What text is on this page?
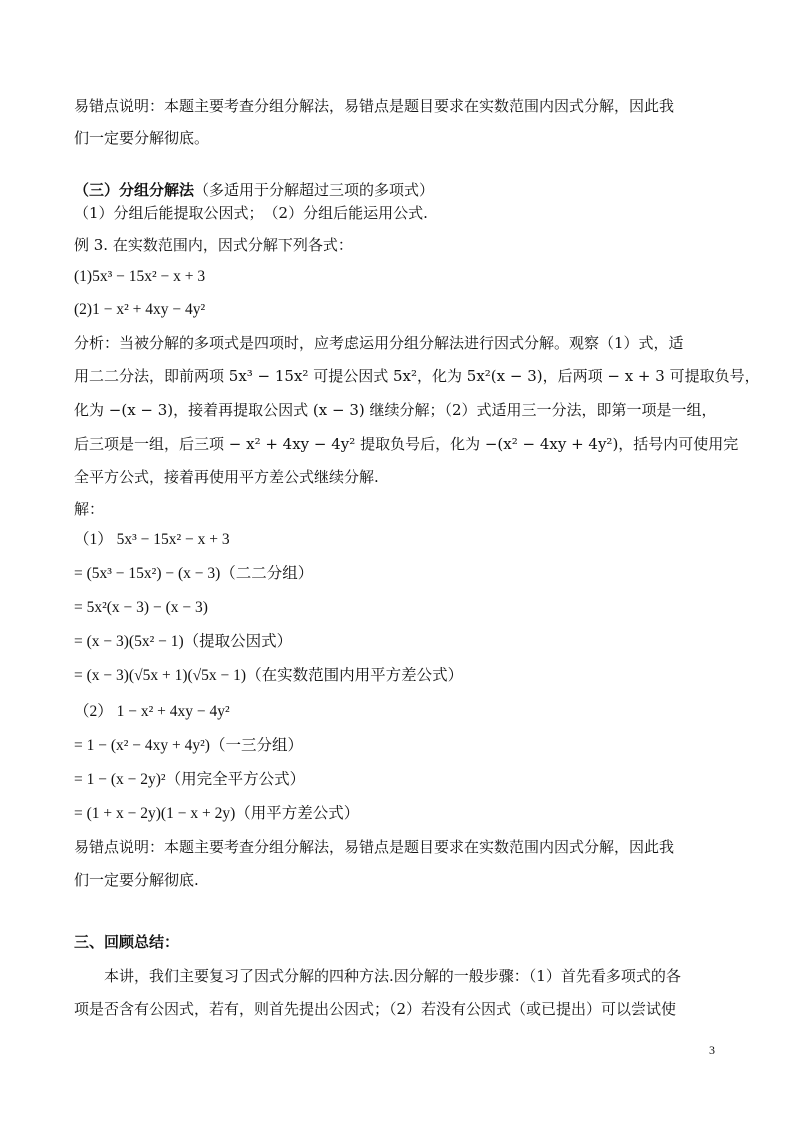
易错点说明：本题主要考查分组分解法，易错点是题目要求在实数范围内因式分解，因此我
们一定要分解彻底。
（三）分组分解法（多适用于分解超过三项的多项式）
（1）分组后能提取公因式；　（2）分组后能运用公式.
例 3. 在实数范围内，因式分解下列各式：
(1)5x³ − 15x² − x + 3
(2)1 − x² + 4xy − 4y²
分析：当被分解的多项式是四项时，应考虑运用分组分解法进行因式分解。观察（1）式，适
用二二分法，即前两项 5x³ − 15x² 可提公因式 5x²，化为 5x²(x − 3)，后两项 − x + 3 可提取负号，
化为 −(x − 3)，接着再提取公因式 (x − 3) 继续分解；（2）式适用三一分法，即第一项是一组，
后三项是一组，后三项 − x² + 4xy − 4y² 提取负号后，化为 −(x² − 4xy + 4y²)，括号内可使用完
全平方公式，接着再使用平方差公式继续分解.
解：
（1） 5x³ − 15x² − x + 3
= (5x³ − 15x²) − (x − 3)（二二分组）
= 5x²(x − 3) − (x − 3)
= (x − 3)(5x² − 1)（提取公因式）
= (x − 3)(√5x + 1)(√5x − 1)（在实数范围内用平方差公式）
（2） 1 − x² + 4xy − 4y²
= 1 − (x² − 4xy + 4y²)（一三分组）
= 1 − (x − 2y)²（用完全平方公式）
= (1 + x − 2y)(1 − x + 2y)（用平方差公式）
易错点说明：本题主要考查分组分解法，易错点是题目要求在实数范围内因式分解，因此我
们一定要分解彻底.
三、回顾总结：
本讲，我们主要复习了因式分解的四种方法.因分解的一般步骤：（1）首先看多项式的各
项是否含有公因式，若有，则首先提出公因式；（2）若没有公因式（或已提出）可以尝试使
3
